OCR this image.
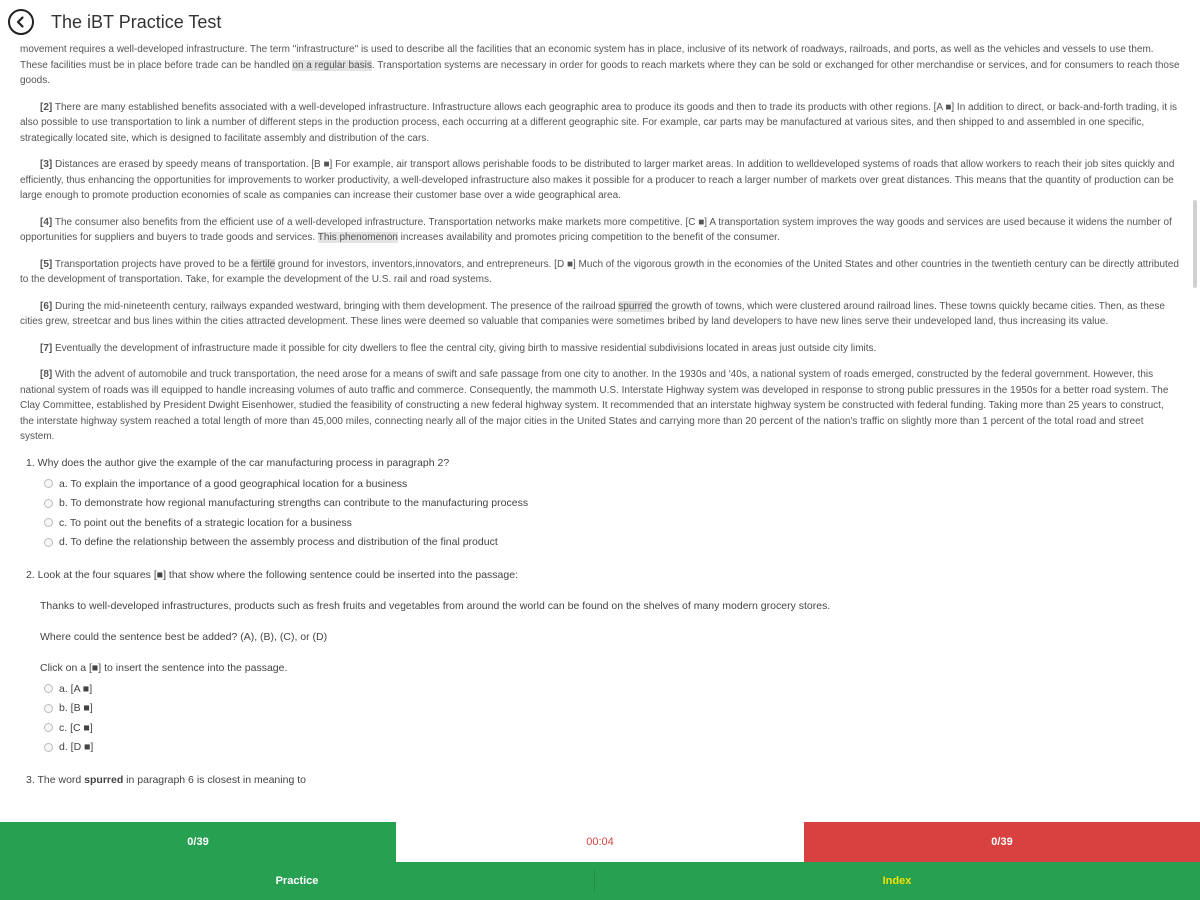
The iBT Practice Test

movement requires a well-developed infrastructure. The term "infrastructure" is used to describe all the facilities that an economic system has in place, inclusive of its network of roadways, railroads, and ports, as well as the vehicles and vessels to use them. These facilities must be in place before trade can be handled on a regular basis. Transportation systems are necessary in order for goods to reach markets where they can be sold or exchanged for other merchandise or services, and for consumers to reach those goods.

[2] There are many established benefits associated with a well-developed infrastructure. Infrastructure allows each geographic area to produce its goods and then to trade its products with other regions. [A ■] In addition to direct, or back-and-forth trading, it is also possible to use transportation to link a number of different steps in the production process, each occurring at a different geographic site. For example, car parts may be manufactured at various sites, and then shipped to and assembled in one specific, strategically located site, which is designed to facilitate assembly and distribution of the cars.

[3] Distances are erased by speedy means of transportation. [B ■] For example, air transport allows perishable foods to be distributed to larger market areas. In addition to welldeveloped systems of roads that allow workers to reach their job sites quickly and efficiently, thus enhancing the opportunities for improvements to worker productivity, a well-developed infrastructure also makes it possible for a producer to reach a larger number of markets over great distances. This means that the quantity of production can be large enough to promote production economies of scale as companies can increase their customer base over a wide geographical area.

[4] The consumer also benefits from the efficient use of a well-developed infrastructure. Transportation networks make markets more competitive. [C ■] A transportation system improves the way goods and services are used because it widens the number of opportunities for suppliers and buyers to trade goods and services. This phenomenon increases availability and promotes pricing competition to the benefit of the consumer.

[5] Transportation projects have proved to be a fertile ground for investors, inventors,innovators, and entrepreneurs. [D ■] Much of the vigorous growth in the economies of the United States and other countries in the twentieth century can be directly attributed to the development of transportation. Take, for example the development of the U.S. rail and road systems.

[6] During the mid-nineteenth century, railways expanded westward, bringing with them development. The presence of the railroad spurred the growth of towns, which were clustered around railroad lines. These towns quickly became cities. Then, as these cities grew, streetcar and bus lines within the cities attracted development. These lines were deemed so valuable that companies were sometimes bribed by land developers to have new lines serve their undeveloped land, thus increasing its value.

[7] Eventually the development of infrastructure made it possible for city dwellers to flee the central city, giving birth to massive residential subdivisions located in areas just outside city limits.

[8] With the advent of automobile and truck transportation, the need arose for a means of swift and safe passage from one city to another. In the 1930s and '40s, a national system of roads emerged, constructed by the federal government. However, this national system of roads was ill equipped to handle increasing volumes of auto traffic and commerce. Consequently, the mammoth U.S. Interstate Highway system was developed in response to strong public pressures in the 1950s for a better road system. The Clay Committee, established by President Dwight Eisenhower, studied the feasibility of constructing a new federal highway system. It recommended that an interstate highway system be constructed with federal funding. Taking more than 25 years to construct, the interstate highway system reached a total length of more than 45,000 miles, connecting nearly all of the major cities in the United States and carrying more than 20 percent of the nation's traffic on slightly more than 1 percent of the total road and street system.

1. Why does the author give the example of the car manufacturing process in paragraph 2?
a. To explain the importance of a good geographical location for a business
b. To demonstrate how regional manufacturing strengths can contribute to the manufacturing process
c. To point out the benefits of a strategic location for a business
d. To define the relationship between the assembly process and distribution of the final product
2. Look at the four squares [■] that show where the following sentence could be inserted into the passage:
Thanks to well-developed infrastructures, products such as fresh fruits and vegetables from around the world can be found on the shelves of many modern grocery stores.
Where could the sentence best be added? (A), (B), (C), or (D)
Click on a [■] to insert the sentence into the passage.
a. [A ■]
b. [B ■]
c. [C ■]
d. [D ■]
3. The word spurred in paragraph 6 is closest in meaning to
0/39	00:04	0/39
Practice	Index
